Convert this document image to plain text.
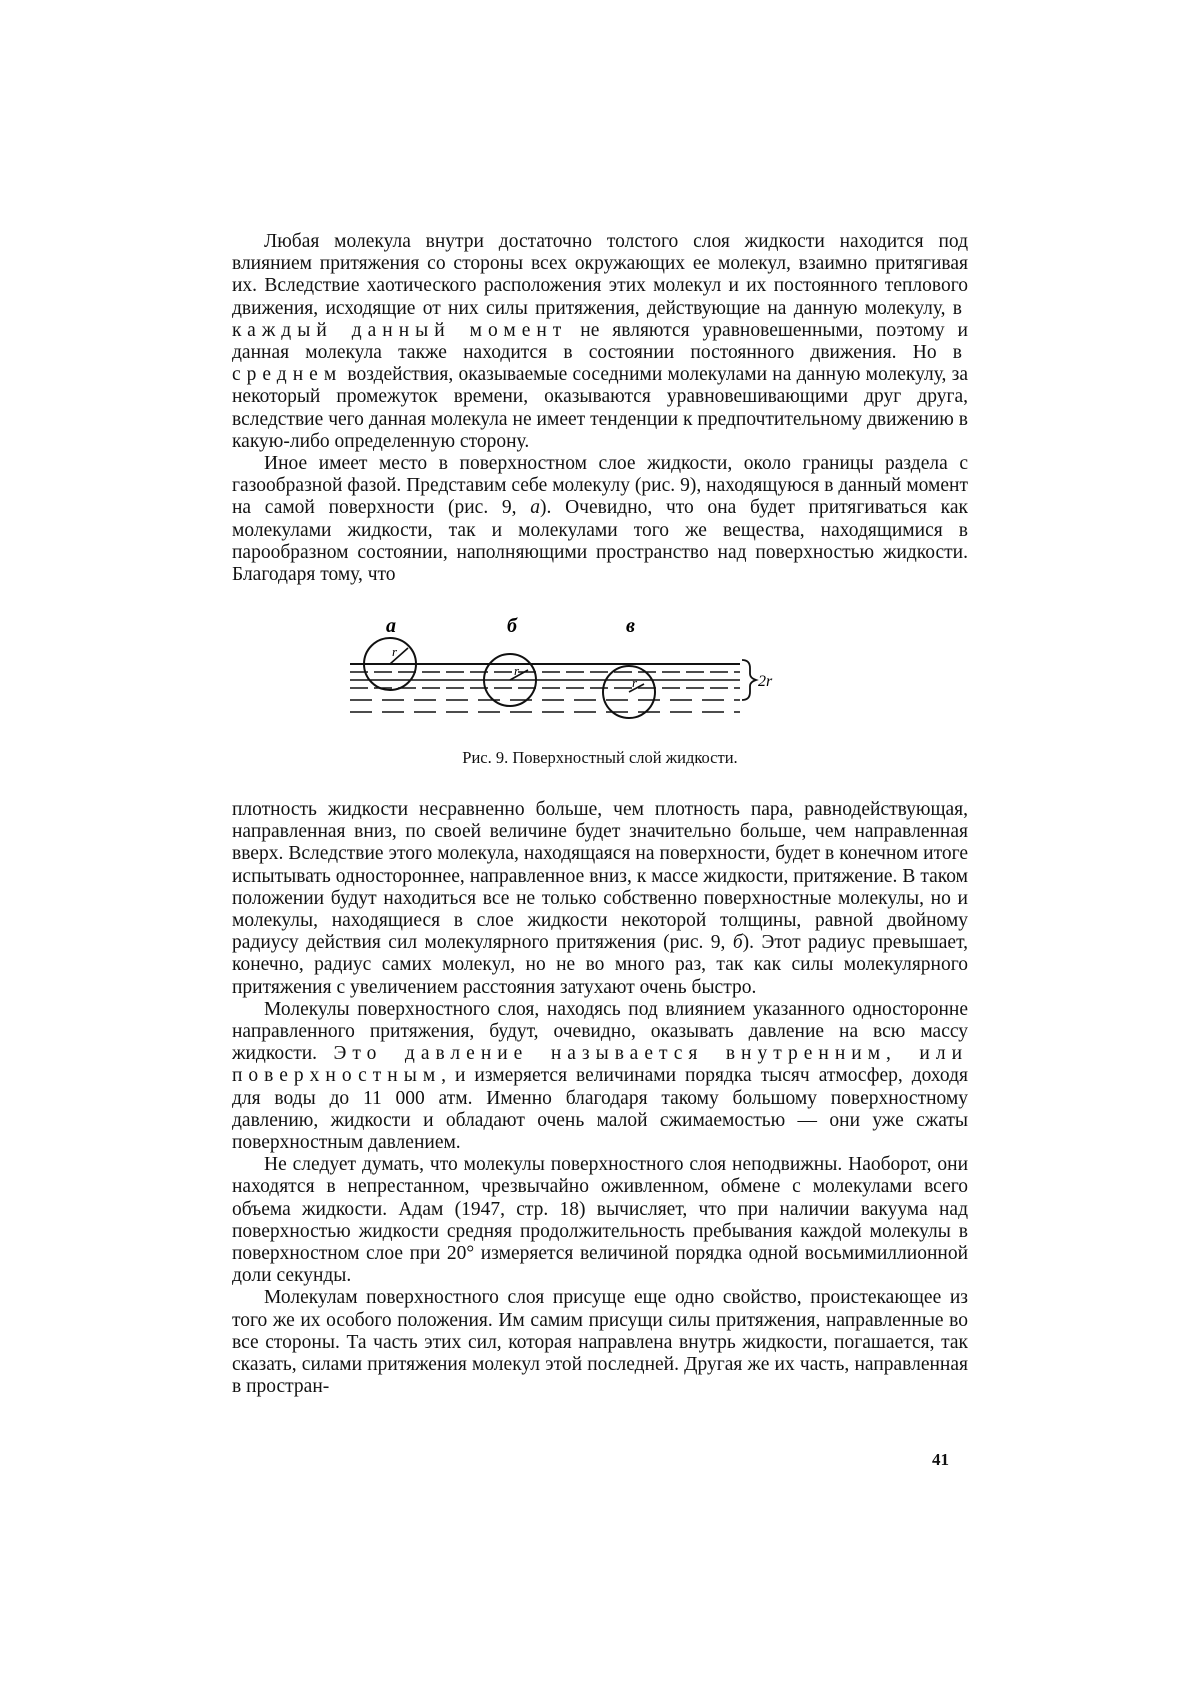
Любая молекула внутри достаточно толстого слоя жидкости находится под влиянием притяжения со стороны всех окружающих ее молекул, взаимно притягивая их. Вследствие хаотического расположения этих молекул и их постоянного теплового движения, исходящие от них силы притяжения, действующие на данную молекулу, в каждый данный момент не являются уравновешенными, поэтому и данная молекула также находится в состоянии постоянного движения. Но в среднем воздействия, оказываемые соседними молекулами на данную молекулу, за некоторый промежуток времени, оказываются уравновешивающими друг друга, вследствие чего данная молекула не имеет тенденции к предпочтительному движению в какую-либо определенную сторону.

Иное имеет место в поверхностном слое жидкости, около границы раздела с газообразной фазой. Представим себе молекулу (рис. 9), находящуюся в данный момент на самой поверхности (рис. 9, а). Очевидно, что она будет притягиваться как молекулами жидкости, так и молекулами того же вещества, находящимися в парообразном состоянии, наполняющими пространство над поверхностью жидкости. Благодаря тому, что

а	б	в
r
r
r	2r
Рис. 9. Поверхностный слой жидкости.

плотность жидкости несравненно больше, чем плотность пара, равнодействующая, направленная вниз, по своей величине будет значительно больше, чем направленная вверх. Вследствие этого молекула, находящаяся на поверхности, будет в конечном итоге испытывать одностороннее, направленное вниз, к массе жидкости, притяжение. В таком положении будут находиться все не только собственно поверхностные молекулы, но и молекулы, находящиеся в слое жидкости некоторой толщины, равной двойному радиусу действия сил молекулярного притяжения (рис. 9, б). Этот радиус превышает, конечно, радиус самих молекул, но не во много раз, так как силы молекулярного притяжения с увеличением расстояния затухают очень быстро.

Молекулы поверхностного слоя, находясь под влиянием указанного односторонне направленного притяжения, будут, очевидно, оказывать давление на всю массу жидкости. Это давление называется внутренним, или поверхностным, и измеряется величинами порядка тысяч атмосфер, доходя для воды до 11 000 атм. Именно благодаря такому большому поверхностному давлению, жидкости и обладают очень малой сжимаемостью — они уже сжаты поверхностным давлением.

Не следует думать, что молекулы поверхностного слоя неподвижны. Наоборот, они находятся в непрестанном, чрезвычайно оживленном, обмене с молекулами всего объема жидкости. Адам (1947, стр. 18) вычисляет, что при наличии вакуума над поверхностью жидкости средняя продолжительность пребывания каждой молекулы в поверхностном слое при 20° измеряется величиной порядка одной восьмимиллионной доли секунды.

Молекулам поверхностного слоя присуще еще одно свойство, проистекающее из того же их особого положения. Им самим присущи силы притяжения, направленные во все стороны. Та часть этих сил, которая направлена внутрь жидкости, погашается, так сказать, силами притяжения молекул этой последней. Другая же их часть, направленная в простран-

41
